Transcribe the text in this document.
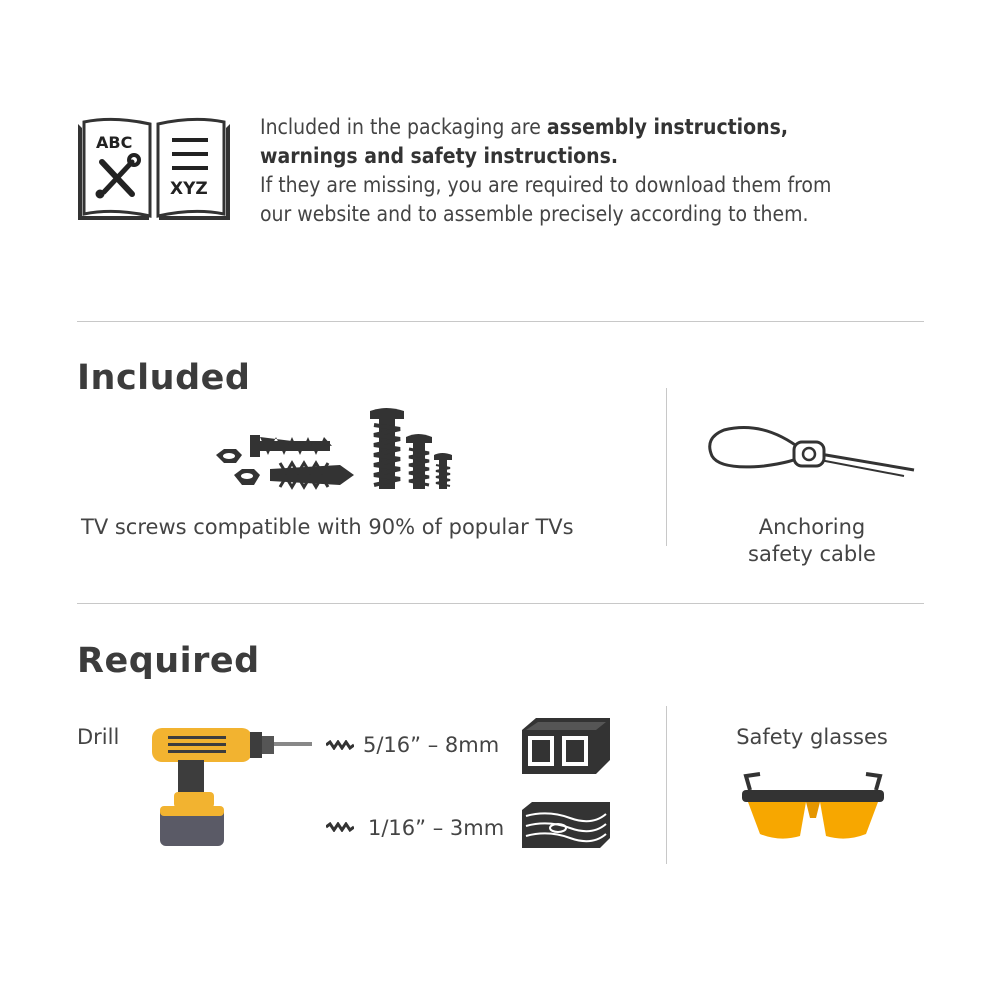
ABC
XYZ
Included in the packaging are assembly instructions,
warnings and safety instructions.
If they are missing, you are required to download them from
our website and to assemble precisely according to them.
Included
TV screws compatible with 90% of popular TVs	Anchoring
safety cable
Required
Drill	5/16” – 8mm
1/16” – 3mm
Safety glasses
